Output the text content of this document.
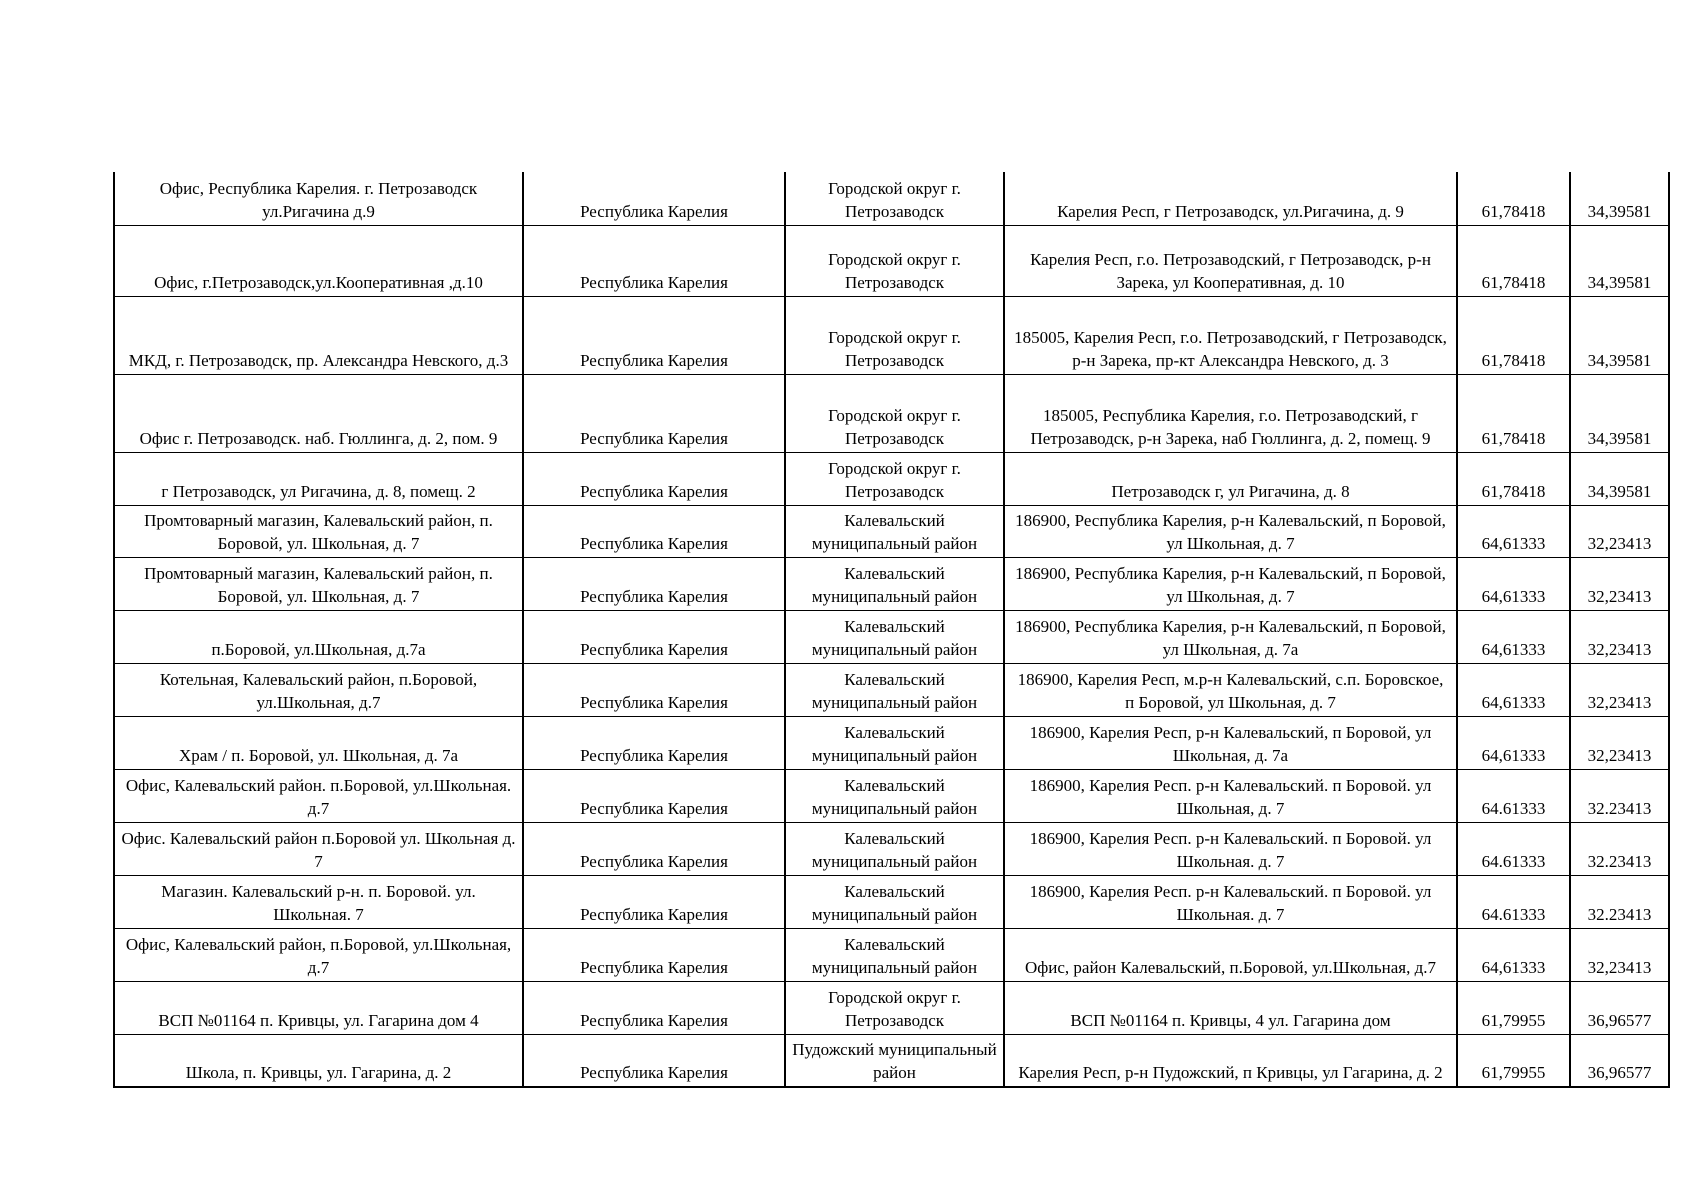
Офис, Республика Карелия. г. Петрозаводск ул.Ригачина д.9	Республика Карелия	Городской округ г. Петрозаводск	Карелия Респ, г Петрозаводск, ул.Ригачина, д. 9	61,78418	34,39581
Офис, г.Петрозаводск,ул.Кооперативная ,д.10	Республика Карелия	Городской округ г. Петрозаводск	Карелия Респ, г.о. Петрозаводский, г Петрозаводск, р-н Зарека, ул Кооперативная, д. 10	61,78418	34,39581
МКД, г. Петрозаводск, пр. Александра Невского, д.3	Республика Карелия	Городской округ г. Петрозаводск	185005, Карелия Респ, г.о. Петрозаводский, г Петрозаводск, р-н Зарека, пр-кт Александра Невского, д. 3	61,78418	34,39581
Офис г. Петрозаводск. наб. Гюллинга, д. 2, пом. 9	Республика Карелия	Городской округ г. Петрозаводск	185005, Республика Карелия, г.о. Петрозаводский, г Петрозаводск, р-н Зарека, наб Гюллинга, д. 2, помещ. 9	61,78418	34,39581
г Петрозаводск, ул Ригачина, д. 8, помещ. 2	Республика Карелия	Городской округ г. Петрозаводск	Петрозаводск г, ул Ригачина, д. 8	61,78418	34,39581
Промтоварный магазин, Калевальский район, п. Боровой, ул. Школьная, д. 7	Республика Карелия	Калевальский муниципальный район	186900, Республика Карелия, р-н Калевальский, п Боровой, ул Школьная, д. 7	64,61333	32,23413
Промтоварный магазин, Калевальский район, п. Боровой, ул. Школьная, д. 7	Республика Карелия	Калевальский муниципальный район	186900, Республика Карелия, р-н Калевальский, п Боровой, ул Школьная, д. 7	64,61333	32,23413
п.Боровой, ул.Школьная, д.7а	Республика Карелия	Калевальский муниципальный район	186900, Республика Карелия, р-н Калевальский, п Боровой, ул Школьная, д. 7а	64,61333	32,23413
Котельная, Калевальский район, п.Боровой, ул.Школьная, д.7	Республика Карелия	Калевальский муниципальный район	186900, Карелия Респ, м.р-н Калевальский, с.п. Боровское, п Боровой, ул Школьная, д. 7	64,61333	32,23413
Храм / п. Боровой, ул. Школьная, д. 7а	Республика Карелия	Калевальский муниципальный район	186900, Карелия Респ, р-н Калевальский, п Боровой, ул Школьная, д. 7а	64,61333	32,23413
Офис, Калевальский район. п.Боровой, ул.Школьная. д.7	Республика Карелия	Калевальский муниципальный район	186900, Карелия Респ. р-н Калевальский. п Боровой. ул Школьная, д. 7	64.61333	32.23413
Офис. Калевальский район п.Боровой ул. Школьная д. 7	Республика Карелия	Калевальский муниципальный район	186900, Карелия Респ. р-н Калевальский. п Боровой. ул Школьная. д. 7	64.61333	32.23413
Магазин. Калевальский р-н. п. Боровой. ул. Школьная. 7	Республика Карелия	Калевальский муниципальный район	186900, Карелия Респ. р-н Калевальский. п Боровой. ул Школьная. д. 7	64.61333	32.23413
Офис, Калевальский район, п.Боровой, ул.Школьная, д.7	Республика Карелия	Калевальский муниципальный район	Офис, район Калевальский, п.Боровой, ул.Школьная, д.7	64,61333	32,23413
ВСП №01164 п. Кривцы, ул. Гагарина дом 4	Республика Карелия	Городской округ г. Петрозаводск	ВСП №01164 п. Кривцы, 4 ул. Гагарина дом	61,79955	36,96577
Школа, п. Кривцы, ул. Гагарина, д. 2	Республика Карелия	Пудожский муниципальный район	Карелия Респ, р-н Пудожский, п Кривцы, ул Гагарина, д. 2	61,79955	36,96577
